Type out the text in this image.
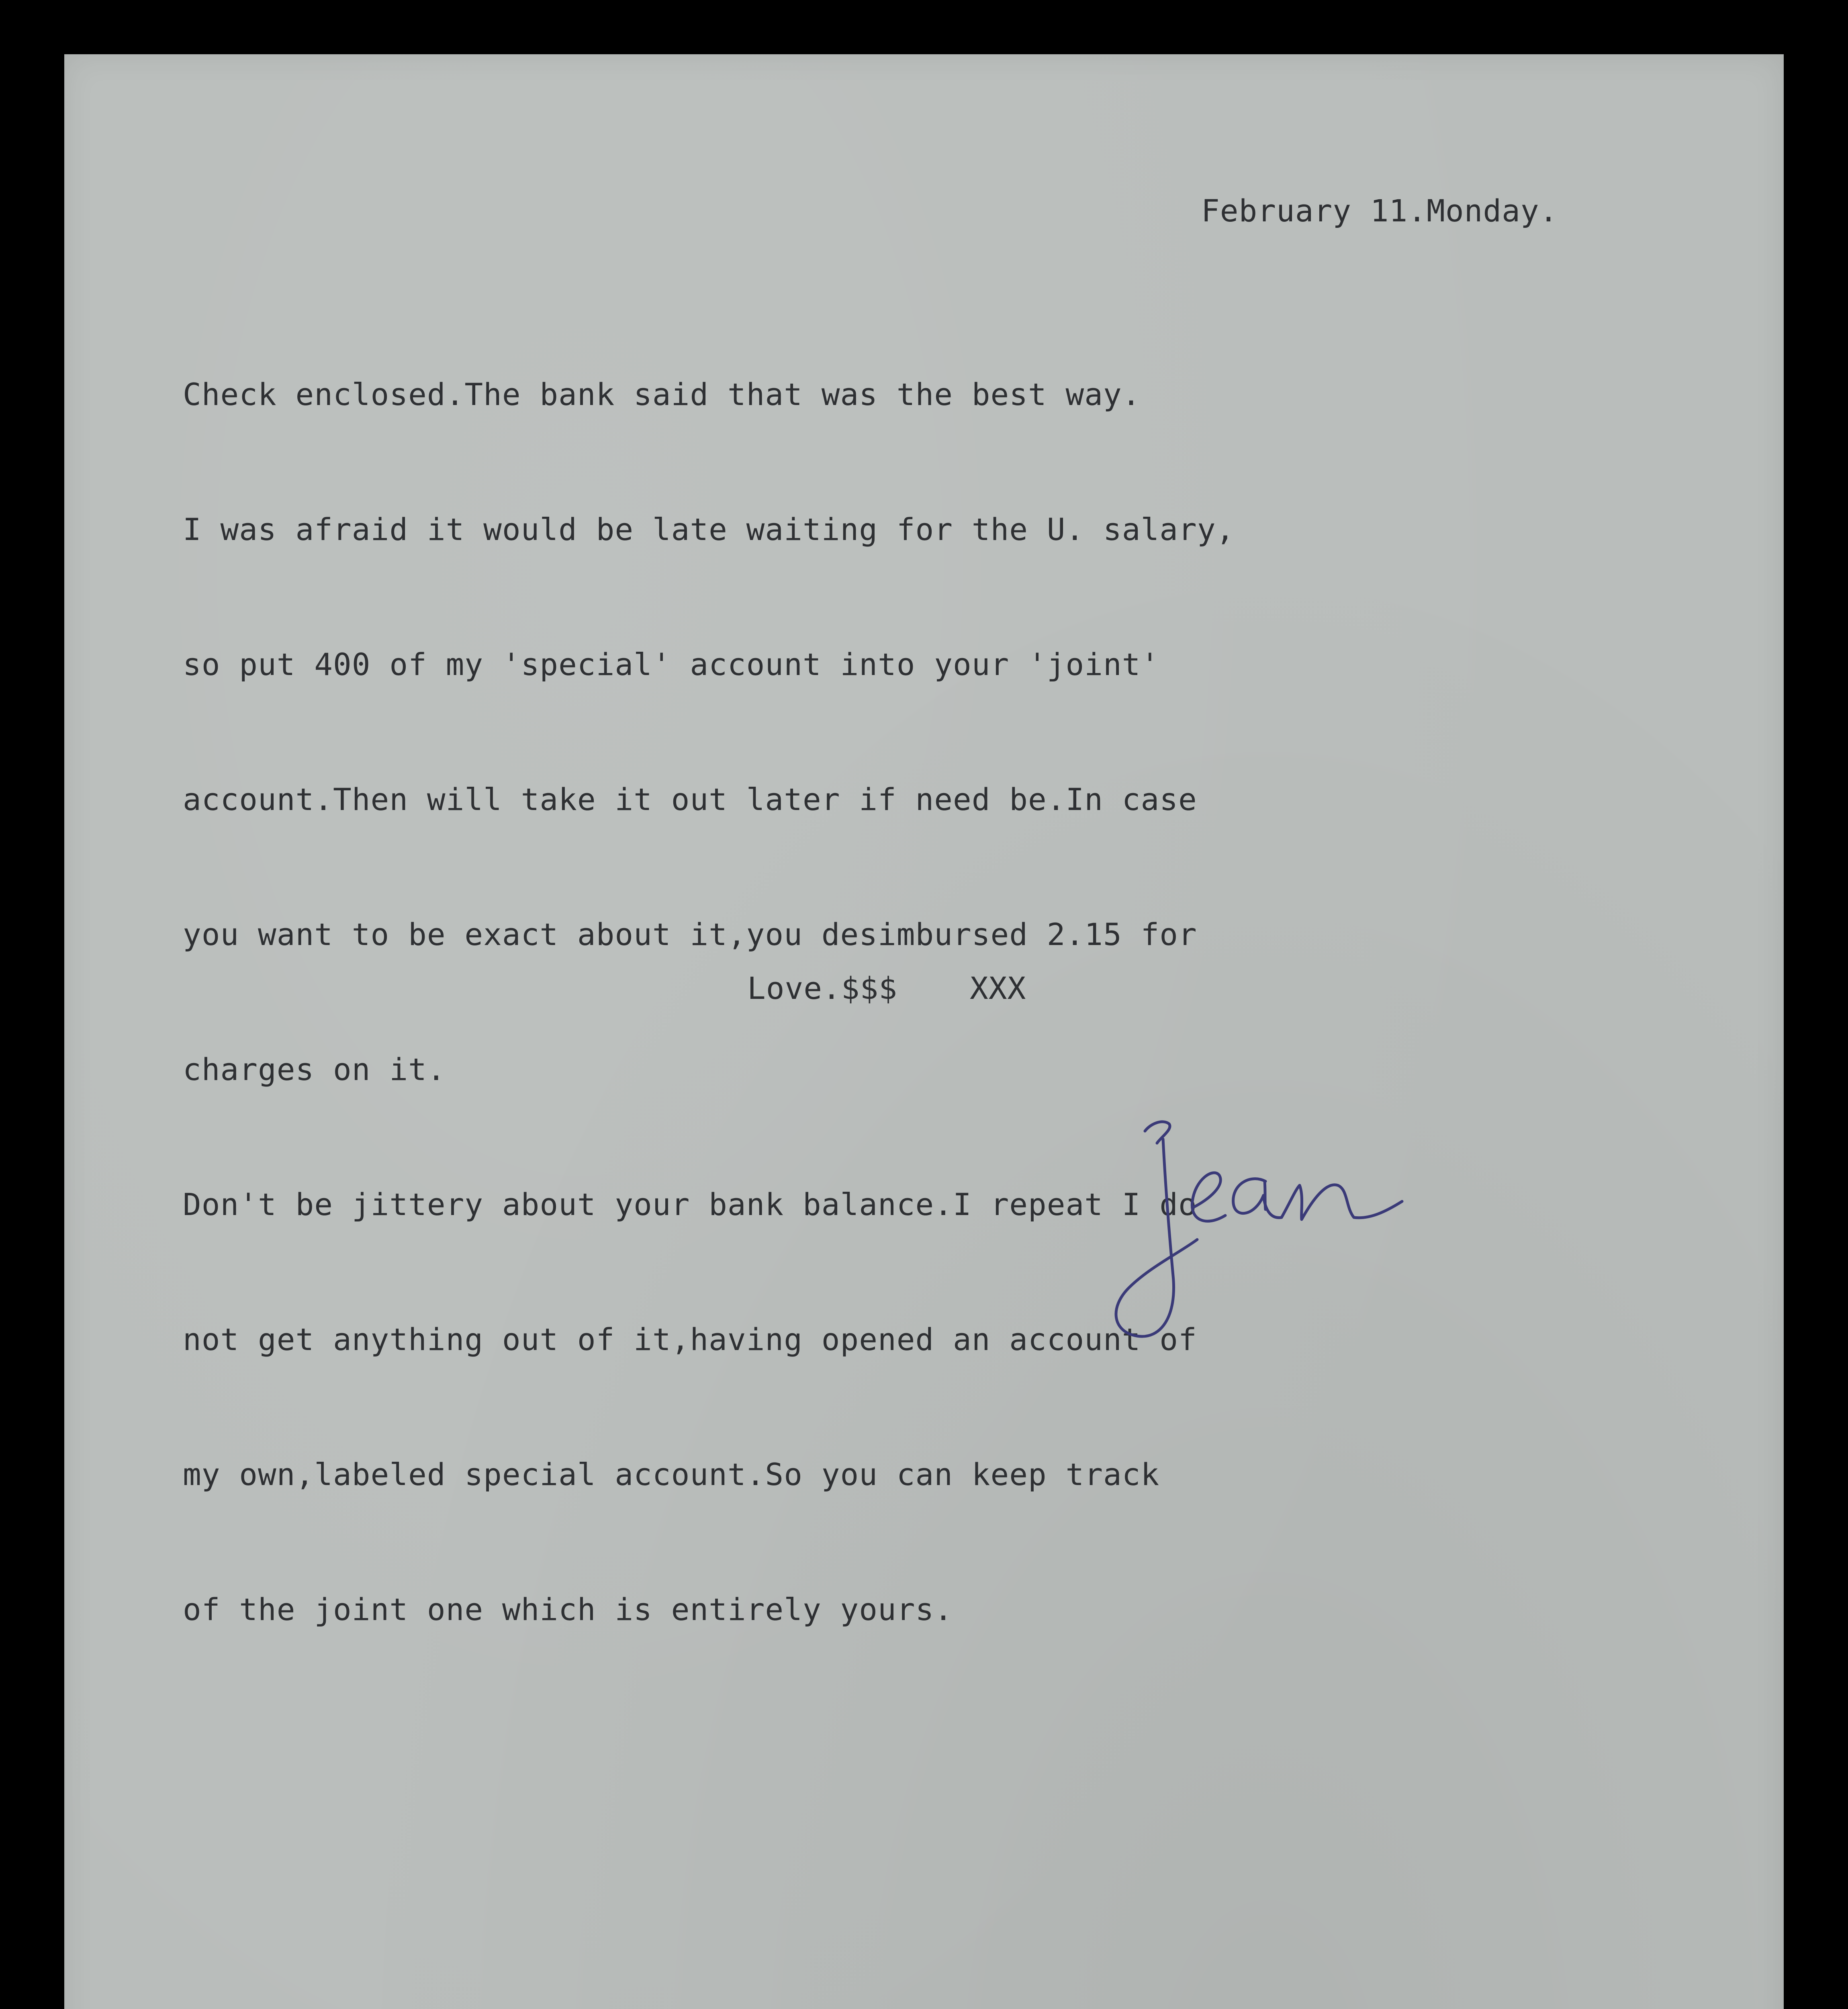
February 11.Monday.

Check enclosed.The bank said that was the best way.

I was afraid it would be late waiting for the U. salary,

so put 400 of my 'special' account into your 'joint'

account.Then will take it out later if need be.In case

you want to be exact about it,you desimbursed 2.15 for

charges on it.

Don't be jittery about your bank balance.I repeat I do

not get anything out of it,having opened an account of

my own,labeled special account.So you can keep track

of the joint one which is entirely yours.

Love.$$$ XXX
